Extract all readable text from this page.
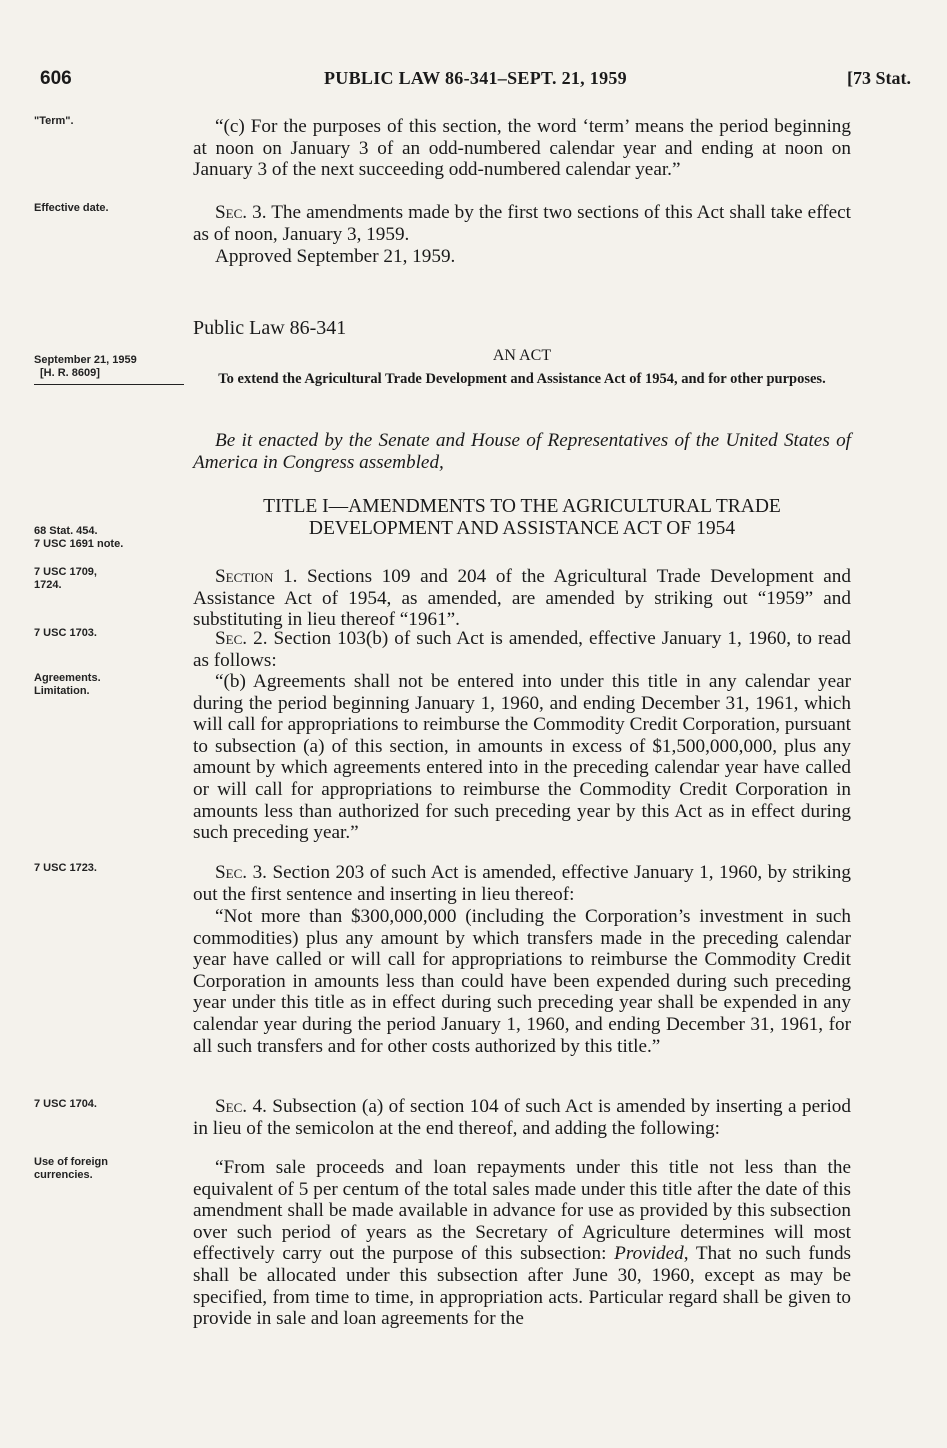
606	PUBLIC LAW 86-341–SEPT. 21, 1959	[73 Stat.
"Term".
Effective date.
September 21, 1959
[H. R. 8609]
68 Stat. 454.
7 USC 1691 note.
7 USC 1709,
1724.
7 USC 1703.
Agreements.
Limitation.
7 USC 1723.
7 USC 1704.
Use of foreign
currencies.
“(c) For the purposes of this section, the word ‘term’ means the period beginning at noon on January 3 of an odd-numbered calendar year and ending at noon on January 3 of the next succeeding odd-numbered calendar year.”
Sec. 3. The amendments made by the first two sections of this Act shall take effect as of noon, January 3, 1959.
Approved September 21, 1959.
Public Law 86-341
AN ACT
To extend the Agricultural Trade Development and Assistance Act of 1954, and for other purposes.
Be it enacted by the Senate and House of Representatives of the United States of America in Congress assembled,
TITLE I—AMENDMENTS TO THE AGRICULTURAL TRADE
DEVELOPMENT AND ASSISTANCE ACT OF 1954
Section 1. Sections 109 and 204 of the Agricultural Trade Development and Assistance Act of 1954, as amended, are amended by striking out “1959” and substituting in lieu thereof “1961”.
Sec. 2. Section 103(b) of such Act is amended, effective January 1, 1960, to read as follows:
“(b) Agreements shall not be entered into under this title in any calendar year during the period beginning January 1, 1960, and ending December 31, 1961, which will call for appropriations to reimburse the Commodity Credit Corporation, pursuant to subsection (a) of this section, in amounts in excess of $1,500,000,000, plus any amount by which agreements entered into in the preceding calendar year have called or will call for appropriations to reimburse the Commodity Credit Corporation in amounts less than authorized for such preceding year by this Act as in effect during such preceding year.”
Sec. 3. Section 203 of such Act is amended, effective January 1, 1960, by striking out the first sentence and inserting in lieu thereof:
“Not more than $300,000,000 (including the Corporation’s investment in such commodities) plus any amount by which transfers made in the preceding calendar year have called or will call for appropriations to reimburse the Commodity Credit Corporation in amounts less than could have been expended during such preceding year under this title as in effect during such preceding year shall be expended in any calendar year during the period January 1, 1960, and ending December 31, 1961, for all such transfers and for other costs authorized by this title.”
Sec. 4. Subsection (a) of section 104 of such Act is amended by inserting a period in lieu of the semicolon at the end thereof, and adding the following:
“From sale proceeds and loan repayments under this title not less than the equivalent of 5 per centum of the total sales made under this title after the date of this amendment shall be made available in advance for use as provided by this subsection over such period of years as the Secretary of Agriculture determines will most effectively carry out the purpose of this subsection: Provided, That no such funds shall be allocated under this subsection after June 30, 1960, except as may be specified, from time to time, in appropriation acts. Particular regard shall be given to provide in sale and loan agreements for the
